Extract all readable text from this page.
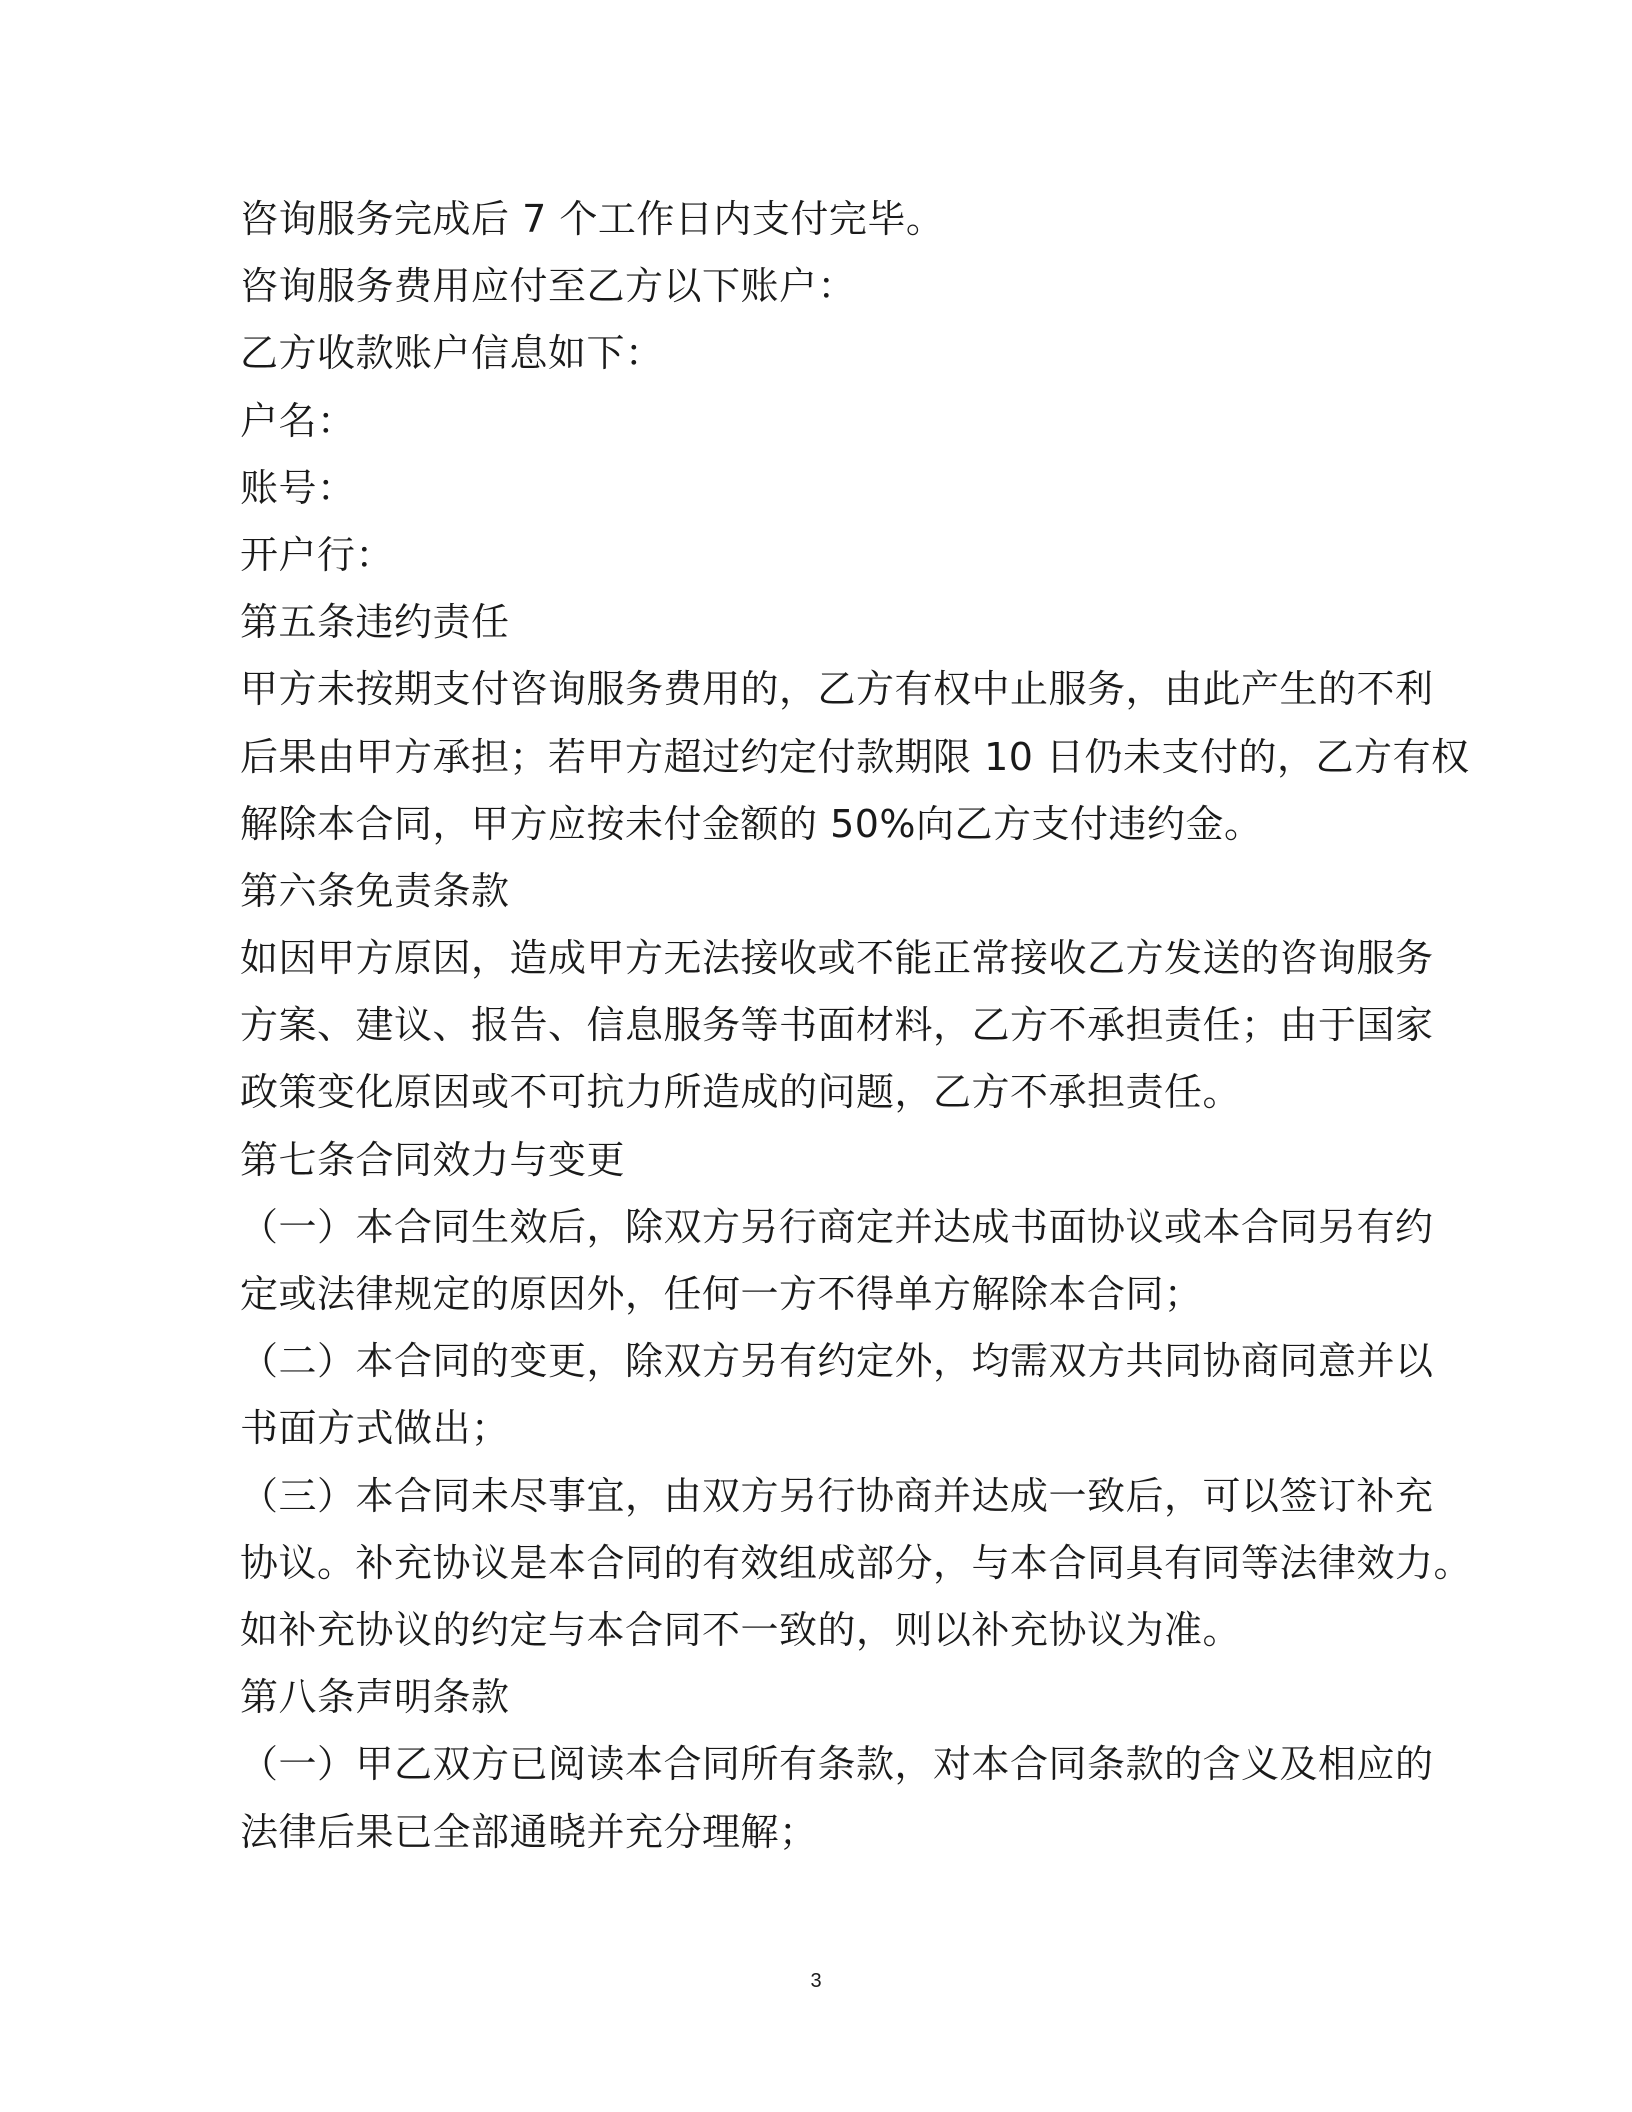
咨询服务完成后 7 个工作日内支付完毕。
咨询服务费用应付至乙方以下账户：
乙方收款账户信息如下：
户名：
账号：
开户行：
第五条违约责任
甲方未按期支付咨询服务费用的，乙方有权中止服务，由此产生的不利
后果由甲方承担；若甲方超过约定付款期限 10 日仍未支付的，乙方有权
解除本合同，甲方应按未付金额的 50%向乙方支付违约金。
第六条免责条款
如因甲方原因，造成甲方无法接收或不能正常接收乙方发送的咨询服务
方案、建议、报告、信息服务等书面材料，乙方不承担责任；由于国家
政策变化原因或不可抗力所造成的问题，乙方不承担责任。
第七条合同效力与变更
（一）本合同生效后，除双方另行商定并达成书面协议或本合同另有约
定或法律规定的原因外，任何一方不得单方解除本合同；
（二）本合同的变更，除双方另有约定外，均需双方共同协商同意并以
书面方式做出；
（三）本合同未尽事宜，由双方另行协商并达成一致后，可以签订补充
协议。补充协议是本合同的有效组成部分，与本合同具有同等法律效力。
如补充协议的约定与本合同不一致的，则以补充协议为准。
第八条声明条款
（一）甲乙双方已阅读本合同所有条款，对本合同条款的含义及相应的
法律后果已全部通晓并充分理解；
3
